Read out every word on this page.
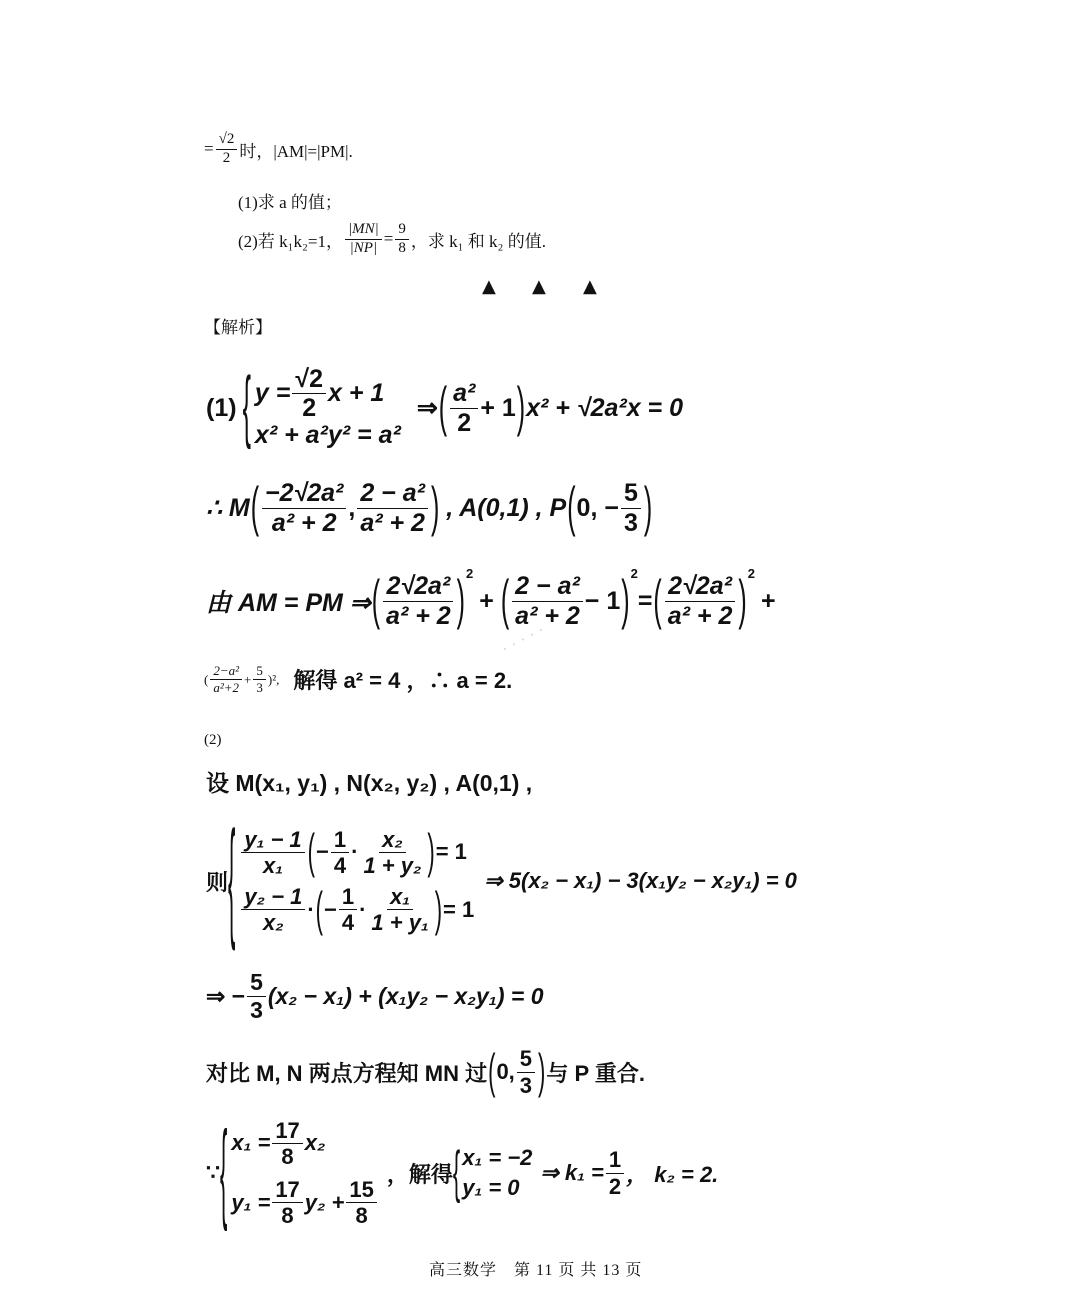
= $\frac{√2}{2}$ 时，|AM|=|PM|.
(1)求 a 的值；
(2)若 k₁k₂=1， $\frac{|MN|}{|NP|} = \frac{9}{8}$ ，求 k₁ 和 k₂ 的值.
▲ ▲ ▲
【解析】
(1) { $y = \frac{√2}{2}$ x + 1
x² + a²y² = a²
⇒ ( $\frac{\text{a²}}{2} + 1$ ) x² + √2a²x = 0
∴ M ( $\frac{\text{−2√2a²}}{\text{a² + 2}}$ , $\frac{\text{2 − a²}}{\text{a² + 2}}$ ) , A(0,1) , P ( 0, − $\frac{5}{3}$ )
由 AM = PM ⇒ ( $\frac{\text{2√2a²}}{\text{a² + 2}} )^2$
+ ( $\frac{\text{2 − a²}}{\text{a² + 2}} - 1$ )$^2$
= ( $\frac{\text{2√2a²}}{\text{a² + 2}} )^2$
+
· · · · ·
( $\frac{\text{2−a²}}{\text{a²+2}} + \frac{5}{3} )^2$, 解得 a² = 4 ，∴ a = 2.
(2)
设 M(x₁, y₁) , N(x₂, y₂) , A(0,1) ,
则 { $\frac{\text{y₁ − 1}}{\text{x₁}}$ ( − $\frac{1}{4} \cdot \frac{\text{x₂}}{\text{1 + y₂}}$ ) = 1
$\frac{\text{y₂ − 1}}{\text{x₂}}$ · ( − $\frac{1}{4} \cdot \frac{\text{x₁}}{\text{1 + y₁}}$ ) = 1
⇒ 5(x₂ − x₁) − 3(x₁y₂ − x₂y₁) = 0
⇒ − $\frac{5}{3} (x_2 - x_1) + (x_1y_2 - x_2y_1) = 0$
对比 M, N 两点方程知 MN 过 ( 0, $\frac{5}{3}$ ) 与 P 重合.
∵ { $x_1 = \frac{17}{8} x_2$
$y_1 = \frac{17}{8} y_2 + \frac{15}{8}$
，解得 { x₁ = −2
y₁ = 0
⇒ $k_1 = \frac{1}{2}$ ， k₂ = 2.
高三数学　第 11 页 共 13 页
